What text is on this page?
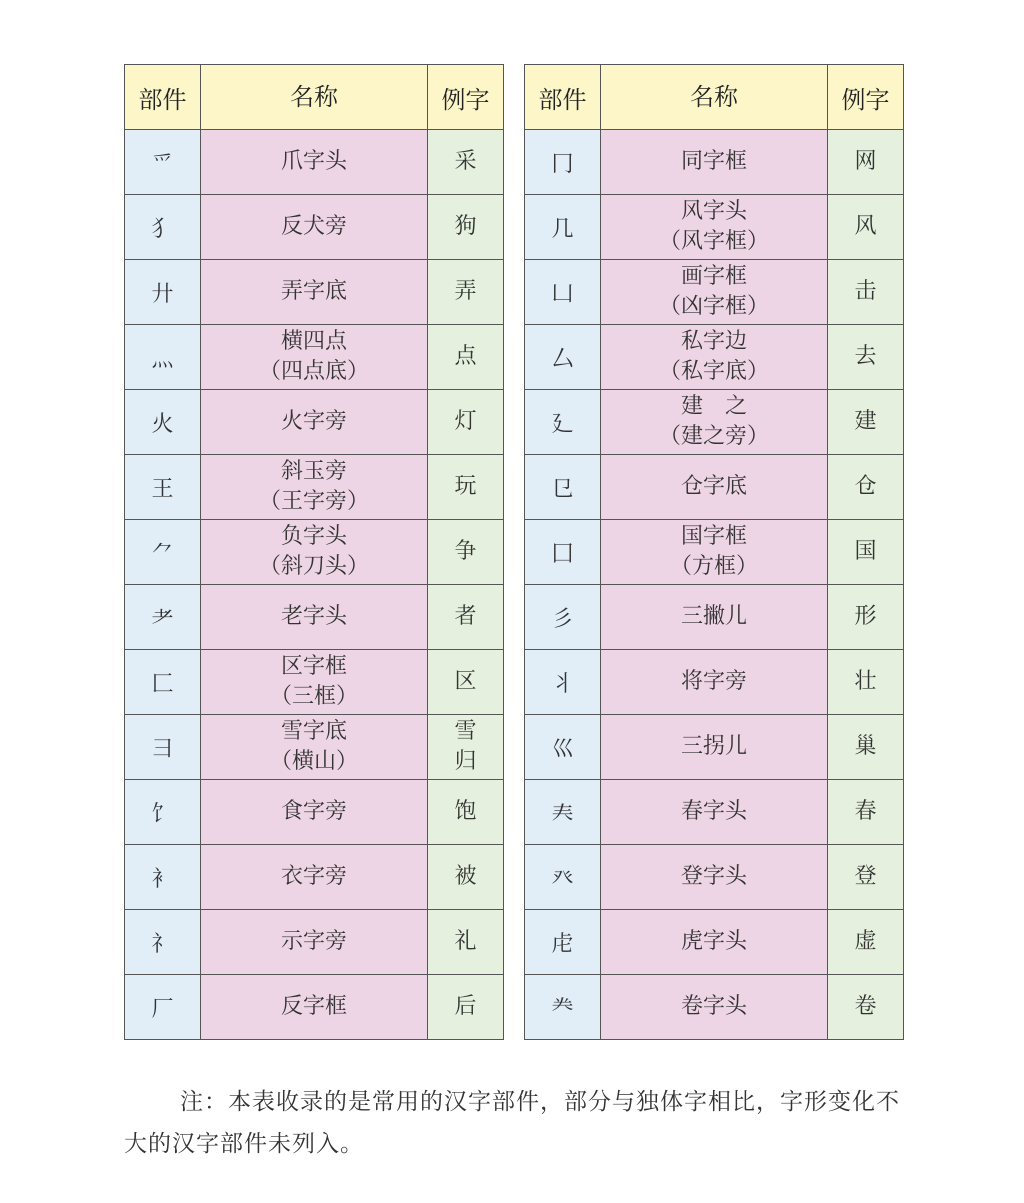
部件	名称	例字
爫	爪字头	采

犭	反犬旁	狗

廾	弄字底	弄

灬	横四点
（四点底）	点

火	火字旁	灯

王	斜玉旁
（王字旁）	玩

⺈	负字头
（斜刀头）	争

耂	老字头	者

匚	区字框
（三框）	区

彐	雪字底
（横山）	雪
归

饣	食字旁	饱

衤	衣字旁	被

礻	示字旁	礼

厂	反字框	后
部件	名称	例字
冂	同字框	网

几	风字头
（风字框）	风

凵	画字框
（凶字框）	击

厶	私字边
（私字底）	去

廴	建　之
（建之旁）	建

㔾	仓字底	仓

囗	国字框
（方框）	国

彡	三撇儿	形

丬	将字旁	壮

巛	三拐儿	巢

𡗗	春字头	春

癶	登字头	登

虍	虎字头	虚

龹	卷字头	卷

注：本表收录的是常用的汉字部件，部分与独体字相比，字形变化不大的汉字部件未列入。
